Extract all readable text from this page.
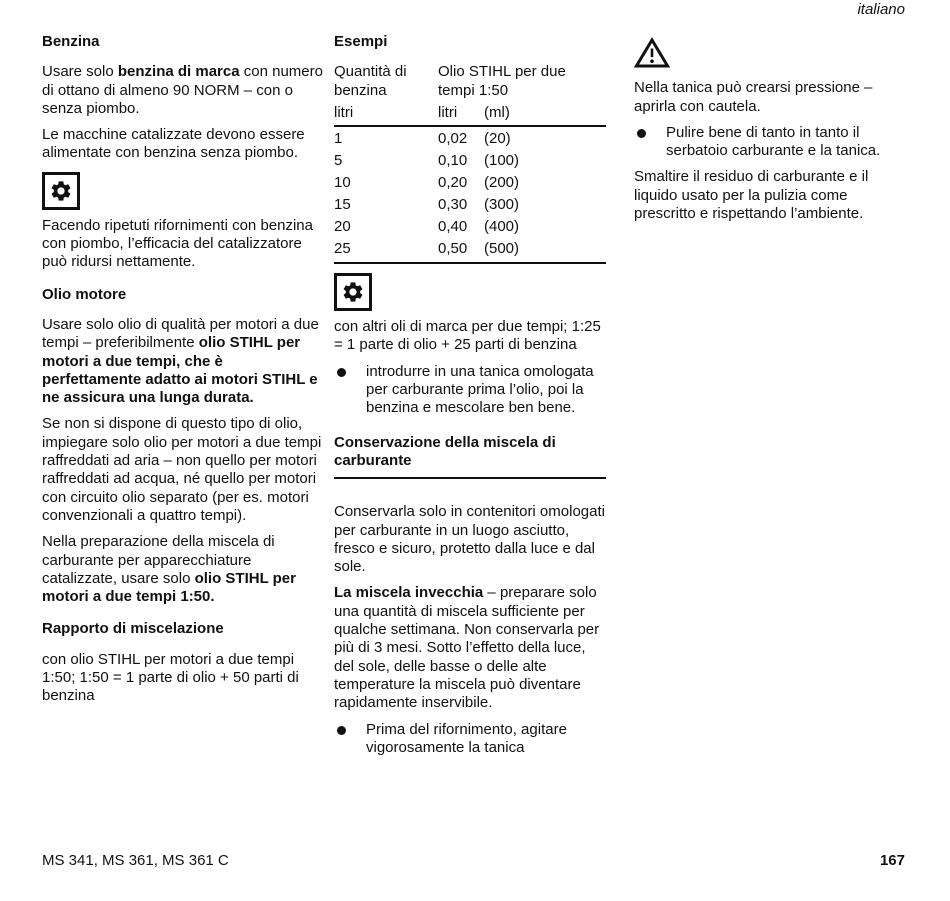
italiano
Benzina

Usare solo benzina di marca con numero di ottano di almeno 90 NORM – con o senza piombo.

Le macchine catalizzate devono essere alimentate con benzina senza piombo.

Facendo ripetuti rifornimenti con benzina con piombo, l’efficacia del catalizzatore può ridursi nettamente.

Olio motore

Usare solo olio di qualità per motori a due tempi – preferibilmente olio STIHL per motori a due tempi, che è perfettamente adatto ai motori STIHL e ne assicura una lunga durata.

Se non si dispone di questo tipo di olio, impiegare solo olio per motori a due tempi raffreddati ad aria – non quello per motori raffreddati ad acqua, né quello per motori con circuito olio separato (per es. motori convenzionali a quattro tempi).

Nella preparazione della miscela di carburante per apparecchiature catalizzate, usare solo olio STIHL per motori a due tempi 1:50.

Rapporto di miscelazione

con olio STIHL per motori a due tempi 1:50; 1:50 = 1 parte di olio + 50 parti di benzina

Esempi
Quantità di benzina
Olio STIHL per due tempi 1:50
litri	litri	(ml)
1	0,02	(20)
5	0,10	(100)
10	0,20	(200)
15	0,30	(300)
20	0,40	(400)
25	0,50	(500)

con altri oli di marca per due tempi; 1:25 = 1 parte di olio + 25 parti di benzina

introdurre in una tanica omologata per carburante prima l’olio, poi la benzina e mescolare ben bene.
Conservazione della miscela di carburante

Conservarla solo in contenitori omologati per carburante in un luogo asciutto, fresco e sicuro, protetto dalla luce e dal sole.

La miscela invecchia – preparare solo una quantità di miscela sufficiente per qualche settimana. Non conservarla per più di 3 mesi. Sotto l’effetto della luce, del sole, delle basse o delle alte temperature la miscela può diventare rapidamente inservibile.

Prima del rifornimento, agitare vigorosamente la tanica

Nella tanica può crearsi pressione – aprirla con cautela.

Pulire bene di tanto in tanto il serbatoio carburante e la tanica.

Smaltire il residuo di carburante e il liquido usato per la pulizia come prescritto e rispettando l’ambiente.

MS 341, MS 361, MS 361 C	167
